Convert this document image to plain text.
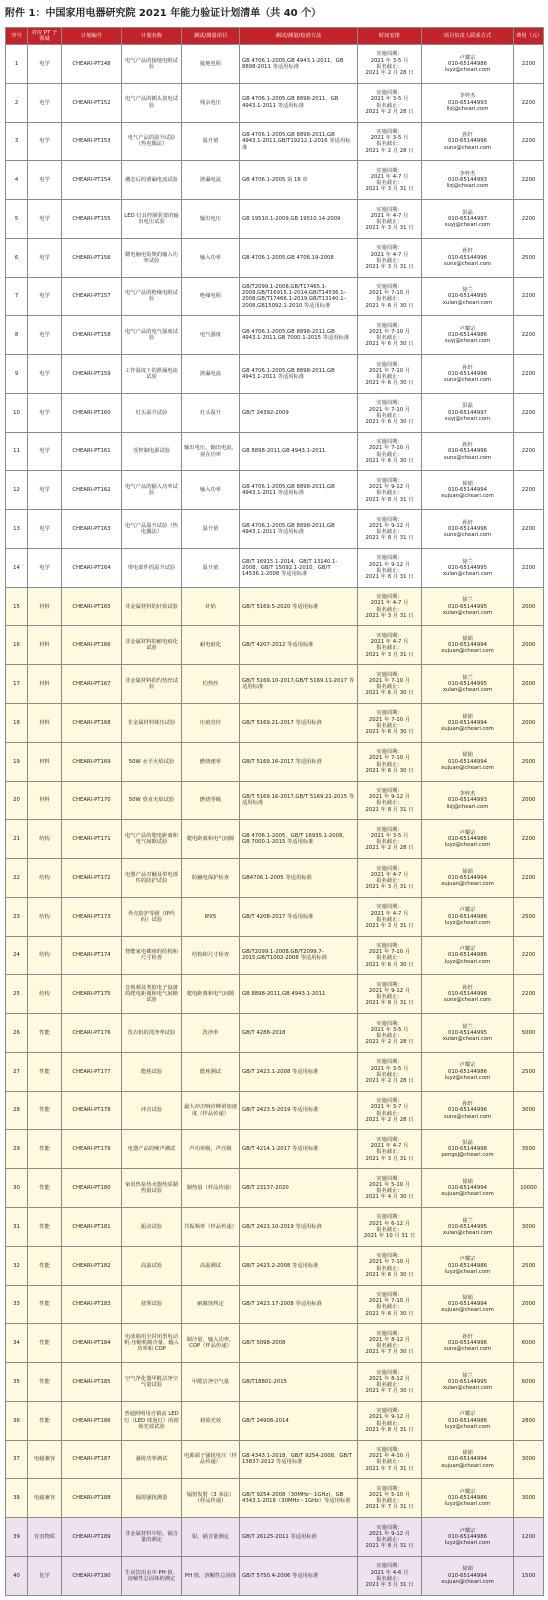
附件 1：中国家用电器研究院 2021 年能力验证计划清单（共 40 个）
序号	对应 PT 子领域	计划编号	计划名称	测试/测量项目	测试/测量/校准方法	时间安排	项目负责人联系方式	费用（元）
1	电学	CHEARI-PT148	电气产品的接地电阻试验	接地电阻	GB 4706.1-2005,GB 4943.1-2011，GB 8898-2011 等适用标准	实施周期：
2021 年 3-5 月
报名截止：
2021 年 2 月 28 日	卢耀宗
010-65144986
luyz@cheari.com	2200
2	电学	CHEARI-PT152	电气产品的插头放电试验	残余电压	GB 4706.1-2005,GB 8898-2011，GB 4943.1-2011 等适用标准	实施周期：
2021 年 3-5 月
报名截止：
2021 年 2 月 28 日	李梓杰
010-65144993
lizj@cheari.com	2200
3	电学	CHEARI-PT153	电气产品的温升试验（热电偶法）	温升值	GB 4706.1-2005,GB 8898-2011,GB 4943.1-2011,GB/T19212.1-2016 等适用标准	实施周期：
2021 年 3-5 月
报名截止：
2021 年 2 月 28 日	孙轩
010-65144996
sunx@cheari.com	2200
4	电学	CHEARI-PT154	潮态后的泄漏电流试验	泄漏电流	GB 4706.1-2005 第 16 章	实施周期：
2021 年 4-7 月
报名截止：
2021 年 3 月 31 日	李梓杰
010-65144993
lizj@cheari.com	2200
5	电学	CHEARI-PT155	LED 灯具控制装置的输出电压试验	输出电压	GB 19510.1-2009,GB 19510.14-2009	实施周期：
2021 年 4-7 月
报名截止：
2021 年 3 月 31 日	彭磊
010-65144997
suyj@cheari.com	2200
6	电学	CHEARI-PT156	微电脑电饭煲的输入功率试验	输入功率	GB 4706.1-2005,GB 4706.19-2008	实施周期：
2021 年 4-7 月
报名截止：
2021 年 3 月 31 日	孙轩
010-65144996
sunx@cheari.com	2500
7	电学	CHEARI-PT157	电气产品的绝缘电阻试验	绝缘电阻	GB/T2099.1-2008,GB/T17465.1-2009,GB/T16915.1-2014,GB/T14536.1-2008,GB/T17466.1-2019,GB/T13140.1-2008,GB15092.1-2010 等适用标准	实施周期：
2021 年 7-10 月
报名截止：
2021 年 6 月 30 日	徐兰
010-65144995
xulan@cheari.com	2200
8	电学	CHEARI-PT158	电气产品的电气强度试验	电气强度	GB 4706.1-2005,GB 8898-2011,GB 4943.1-2011,GB 7000.1-2015 等适用标准	实施周期：
2021 年 7-10 月
报名截止：
2021 年 6 月 30 日	卢耀宗
010-65144986
suyj@cheari.com	2200
9	电学	CHEARI-PT159	工作温度下的泄漏电流试验	泄漏电流	GB 4706.1-2005,GB 8898-2011,GB 4943.1-2011 等适用标准	实施周期：
2021 年 7-10 月
报名截止：
2021 年 6 月 30 日	孙轩
010-65144996
sunx@cheari.com	2200
10	电学	CHEARI-PT160	灯头温升试验	灯头温升	GB/T 24392-2009	实施周期：
2021 年 7-10 月
报名截止：
2021 年 6 月 30 日	彭磊
010-65144997
suyj@cheari.com	2200
11	电学	CHEARI-PT161	受控制电源试验	输出电压，输出电流，视在功率	GB 8898-2011,GB 4943.1-2011	实施周期：
2021 年 7-10 月
报名截止：
2021 年 6 月 30 日	孙轩
010-65144996
sunx@cheari.com	2200
12	电学	CHEARI-PT162	电气产品的输入功率试验	输入功率	GB 4706.1-2005,GB 8898-2011,GB 4943.1-2011 等适用标准	实施周期：
2021 年 9-12 月
报名截止：
2021 年 8 月 31 日	徐娟
010-65144994
xujuan@cheari.com	2200
13	电学	CHEARI-PT163	电气产品温升试验（热电偶法）	温升值	GB 4706.1-2005,GB 8898-2011,GB 4943.1-2011 等适用标准	实施周期：
2021 年 9-12 月
报名截止：
2021 年 8 月 31 日	孙轩
010-65144996
sunx@cheari.com	2200
14	电学	CHEARI-PT164	带电部件的温升试验	温升值	GB/T 16915.1-2014，GB/T 13140.1-2008，GB/T 15092.1-2010，GB/T 14536.1-2008 等适用标准	实施周期：
2021 年 9-12 月
报名截止：
2021 年 8 月 31 日	徐兰
010-65144995
xulan@cheari.com	2200
15	材料	CHEARI-PT165	非金属材料的针焰试验	针焰	GB/T 5169.5-2020 等适用标准	实施周期：
2021 年 4-7 月
报名截止：
2021 年 3 月 31 日	徐兰
010-65144995
xulan@cheari.com	2000
16	材料	CHEARI-PT166	非金属材料的耐电痕化试验	耐电痕化	GB/T 4207-2012 等适用标准	实施周期：
2021 年 4-7 月
报名截止：
2021 年 3 月 31 日	徐娟
010-65144994
xujuan@cheari.com	2000
17	材料	CHEARI-PT167	非金属材料的灼热丝试验	灼热丝	GB/T 5169.10-2017,GB/T 5169.11-2017 等适用标准	实施周期：
2021 年 7-10 月
报名截止：
2021 年 6 月 30 日	徐兰
010-65144995
xulan@cheari.com	2000
18	材料	CHEARI-PT168	非金属材料球压试验	压痕直径	GB/T 5169.21-2017 等适用标准	实施周期：
2021 年 7-10 月
报名截止：
2021 年 6 月 30 日	徐娟
010-65144994
xujuan@cheari.com	2000
19	材料	CHEARI-PT169	50W 水平火焰试验	燃烧速率	GB/T 5169.16-2017 等适用标准	实施周期：
2021 年 7-10 月
报名截止：
2021 年 6 月 30 日	徐娟
010-65144994
xujuan@cheari.com	2000
20	材料	CHEARI-PT170	50W 垂直火焰试验	燃烧等级	GB/T 5169.16-2017,GB/T 5169.22-2015 等适用标准	实施周期：
2021 年 9-12 月
报名截止：
2021 年 8 月 31 日	李梓杰
010-65144993
lizj@cheari.com	2000
21	结构	CHEARI-PT171	电气产品的爬电距离和电气间隙试验	爬电距离和电气间隙	GB 4706.1-2005，GB/T 16935.1-2008，GB 7000.1-2015 等适用标准	实施周期：
2021 年 3-5 月
报名截止：
2021 年 2 月 28 日	卢耀宗
010-65144986
luyz@cheari.com	2200
22	结构	CHEARI-PT172	电器产品对触及带电部件的防护试验	防触电保护检查	GB4706.1-2005 等适用标准	实施周期：
2021 年 4-7 月
报名截止：
2021 年 3 月 31 日	徐娟
010-65144994
xujuan@cheari.com	2200
23	结构	CHEARI-PT173	外壳防护等级（IP代码）试验	IPX5	GB/T 4208-2017 等适用标准	实施周期：
2021 年 4-7 月
报名截止：
2021 年 3 月 31 日	卢耀宗
010-65144986
luyz@cheari.com	2500
24	结构	CHEARI-PT174	智能家电插座的结构和尺寸检查	结构和尺寸检查	GB/T2099.1-2008,GB/T2099.7-2015,GB/T1002-2008 等适用标准	实施周期：
2021 年 7-10 月
报名截止：
2021 年 6 月 30 日	卢耀宗
010-65144986
luyz@cheari.com	2200
25	结构	CHEARI-PT175	音视频及类似电子设备的爬电距离和电气间隙试验	爬电距离和电气间隙	GB 8898-2011,GB 4943.1-2011	实施周期：
2021 年 9-12 月
报名截止：
2021 年 8 月 31 日	孙轩
010-65144996
sunx@cheari.com	2200
26	性能	CHEARI-PT176	洗衣机的洗净率试验	洗净率	GB/T 4288-2018	实施周期：
2021 年 3-5 月
报名截止：
2021 年 2 月 28 日	徐兰
010-65144995
xulan@cheari.com	5000
27	性能	CHEARI-PT177	能耗试验	能耗测试	GB/T 2423.1-2008 等适用标准	实施周期：
2021 年 3-5 月
报名截止：
2021 年 2 月 28 日	卢耀宗
010-65144986
luyz@cheari.com	2500
28	性能	CHEARI-PT178	冲击试验	最大冲击响应峰值加速度（样品传递）	GB/T 2423.5-2019 等适用标准	实施周期：
2021 年 3-7 月
报名截止：
2021 年 2 月 28 日	孙轩
010-65144996
sunx@cheari.com	3000
29	性能	CHEARI-PT179	电器产品的噪声测试	声功率级，声压级	GB/T 4214.1-2017 等适用标准	实施周期：
2021 年 4-7 月
报名截止：
2021 年 3 月 31 日	彭磊
010-65144998
pengsj@cheari.com	3500
30	性能	CHEARI-PT180	家用热泵热水器热泵制热量试验	制热量（样品传递）	GB/T 23137-2020	实施周期：
2021 年 5-10 月
报名截止：
2021 年 4 月 30 日	徐娟
010-65144994
xujuan@cheari.com	10000
31	性能	CHEARI-PT181	振动试验	共振频率（样品传递）	GB/T 2423.10-2019 等适用标准	实施周期：
2021 年 6-12 月
报名截止：
2021 年 10 月 31 日	徐兰
010-65144995
xulan@cheari.com	3000
32	性能	CHEARI-PT182	高温试验	高温测试	GB/T 2423.2-2008 等适用标准	实施周期：
2021 年 7-10 月
报名截止：
2021 年 6 月 30 日	卢耀宗
010-65144986
luyz@cheari.com	2500
33	性能	CHEARI-PT183	盐雾试验	耐腐蚀判定	GB/T 2423.17-2008 等适用标准	实施周期：
2021 年 7-10 月
报名截止：
2021 年 6 月 30 日	徐娟
010-65144994
xujuan@cheari.com	2000
34	性能	CHEARI-PT184	电冰箱用全封闭型电动机-压缩机制冷量、输入功率和 COP	制冷量，输入功率，COP（样品传递）	GB/T 5098-2008	实施周期：
2021 年 8-12 月
报名截止：
2021 年 7 月 30 日	孙轩
010-65144996
sunx@cheari.com	6000
35	性能	CHEARI-PT185	空气净化器甲醛洁净空气量试验	甲醛洁净空气量	GB/T18801-2015	实施周期：
2021 年 8-12 月
报名截止：
2021 年 7 月 30 日	徐兰
010-65144995
xulan@cheari.com	6000
36	性能	CHEARI-PT186	普通照明用自镇流 LED 灯（LED 球泡灯）的初始光效试验	初始光效	GB/T 24908-2014	实施周期：
2021 年 9-12 月
报名截止：
2021 年 8 月 31 日	卢耀宗
010-65144986
luyz@cheari.com	2800
37	电磁兼容	CHEARI-PT187	骚扰功率测试	电源端子骚扰电压（样品传递）	GB 4343.1-2018，GB/T 9254-2008，GB/T 13837-2012 等适用标准	实施周期：
2021 年 4-10 月
报名截止：
2021 年 7 月 31 日	徐娟
010-65144994
xujuan@cheari.com	3000
38	电磁兼容	CHEARI-PT188	辐射骚扰测量	辐射发射（3 米法）（样品传递）	GB/T 9254-2008（30MHz～1GHz)，GB 4343.1-2018（30MHz～1GHz）等适用标准	实施周期：
2021 年 5-10 月
报名截止：
2021 年 7 月 31 日	卢耀宗
010-65144986
luyz@cheari.com	3000
39	有害物质	CHEARI-PT189	非金属材料中铅、镉含量的测定	铅、镉含量测定	GB/T 26125-2011 等适用标准	实施周期：
2021 年 9-12 月
报名截止：
2021 年 8 月 31 日	卢耀宗
010-65144986
luyz@cheari.com	1200
40	化学	CHEARI-PT190	生活饮用水中 PH 值、溶解性总固体的测定	PH 值，溶解性总固体	GB/T 5750.4-2006 等适用标准	实施周期：
2021 年 4-6 月
报名截止：
2021 年 3 月 31 日	徐娟
010-65144994
xujuan@cheari.com	1500
